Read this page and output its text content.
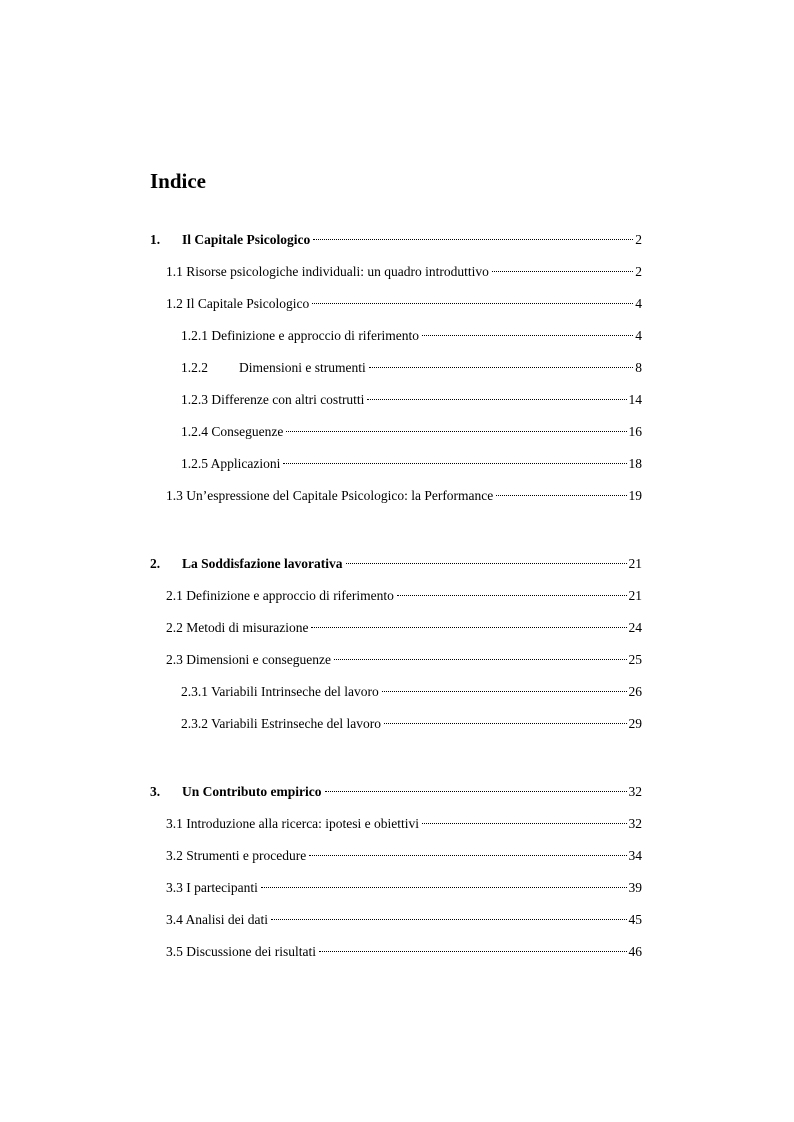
Indice
1.	Il Capitale Psicologico	2
1.1 Risorse psicologiche individuali: un quadro introduttivo	2
1.2 Il Capitale Psicologico	4
1.2.1 Definizione e approccio di riferimento	4
1.2.2	Dimensioni e strumenti	8
1.2.3 Differenze con altri costrutti	14
1.2.4 Conseguenze	16
1.2.5 Applicazioni	18
1.3 Un’espressione del Capitale Psicologico: la Performance	19
2.	La Soddisfazione lavorativa	21
2.1 Definizione e approccio di riferimento	21
2.2 Metodi di misurazione	24
2.3 Dimensioni e conseguenze	25
2.3.1 Variabili Intrinseche del lavoro	26
2.3.2 Variabili Estrinseche del lavoro	29
3.	Un Contributo empirico	32
3.1 Introduzione alla ricerca: ipotesi e obiettivi	32
3.2 Strumenti e procedure	34
3.3 I partecipanti	39
3.4 Analisi dei dati	45
3.5 Discussione dei risultati	46
